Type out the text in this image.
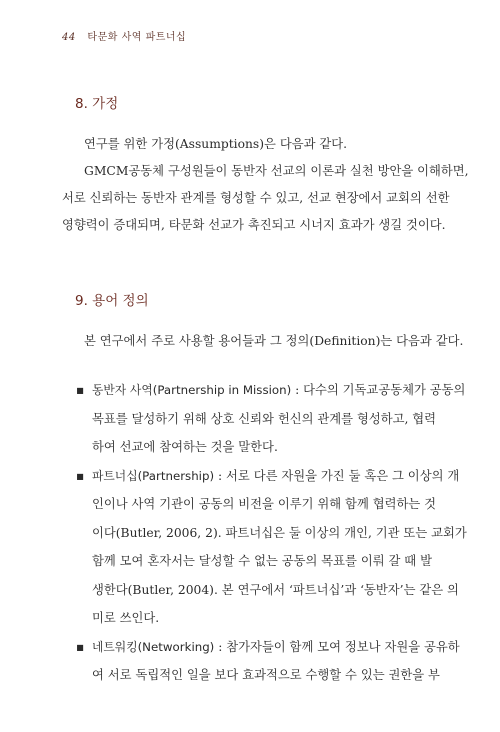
44 타문화 사역 파트너십
8. 가정
연구를 위한 가정(Assumptions)은 다음과 같다.
GMCM공동체 구성원들이 동반자 선교의 이론과 실천 방안을 이해하면,
서로 신뢰하는 동반자 관계를 형성할 수 있고, 선교 현장에서 교회의 선한
영향력이 증대되며, 타문화 선교가 촉진되고 시너지 효과가 생길 것이다.
9. 용어 정의
본 연구에서 주로 사용할 용어들과 그 정의(Definition)는 다음과 같다.
▪ 동반자 사역(Partnership in Mission) : 다수의 기독교공동체가 공동의
목표를 달성하기 위해 상호 신뢰와 헌신의 관계를 형성하고, 협력
하여 선교에 참여하는 것을 말한다.
▪ 파트너십(Partnership) : 서로 다른 자원을 가진 둘 혹은 그 이상의 개
인이나 사역 기관이 공동의 비전을 이루기 위해 함께 협력하는 것
이다(Butler, 2006, 2). 파트너십은 둘 이상의 개인, 기관 또는 교회가
함께 모여 혼자서는 달성할 수 없는 공동의 목표를 이뤄 갈 때 발
생한다(Butler, 2004). 본 연구에서 ‘파트너십’과 ‘동반자’는 같은 의
미로 쓰인다.
▪ 네트워킹(Networking) : 참가자들이 함께 모여 정보나 자원을 공유하
여 서로 독립적인 일을 보다 효과적으로 수행할 수 있는 권한을 부
